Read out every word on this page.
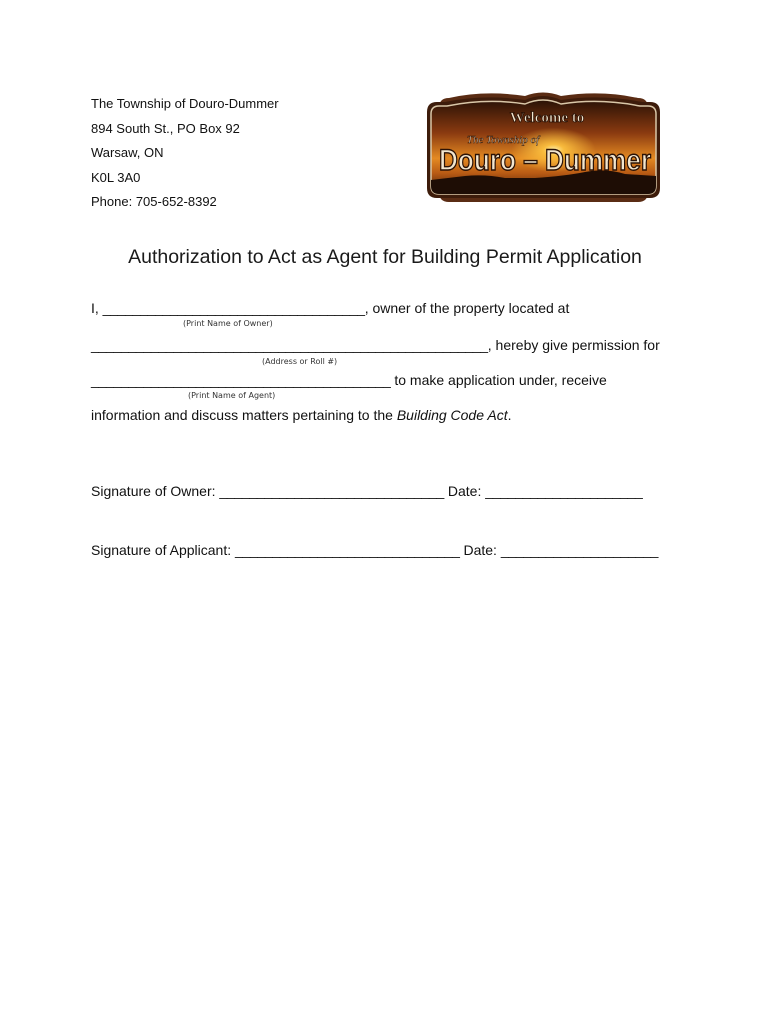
The Township of Douro-Dummer
894 South St., PO Box 92
Warsaw, ON
K0L 3A0
Phone: 705-652-8392
Welcome to
The Township of
Douro – Dummer
Authorization to Act as Agent for Building Permit Application
I, ___________________________________, owner of the property located at
(Print Name of Owner)
_____________________________________________________, hereby give permission for
(Address or Roll #)
________________________________________ to make application under, receive
(Print Name of Agent)
information and discuss matters pertaining to the Building Code Act.
Signature of Owner: ______________________________ Date: _____________________
Signature of Applicant: ______________________________ Date: _____________________
